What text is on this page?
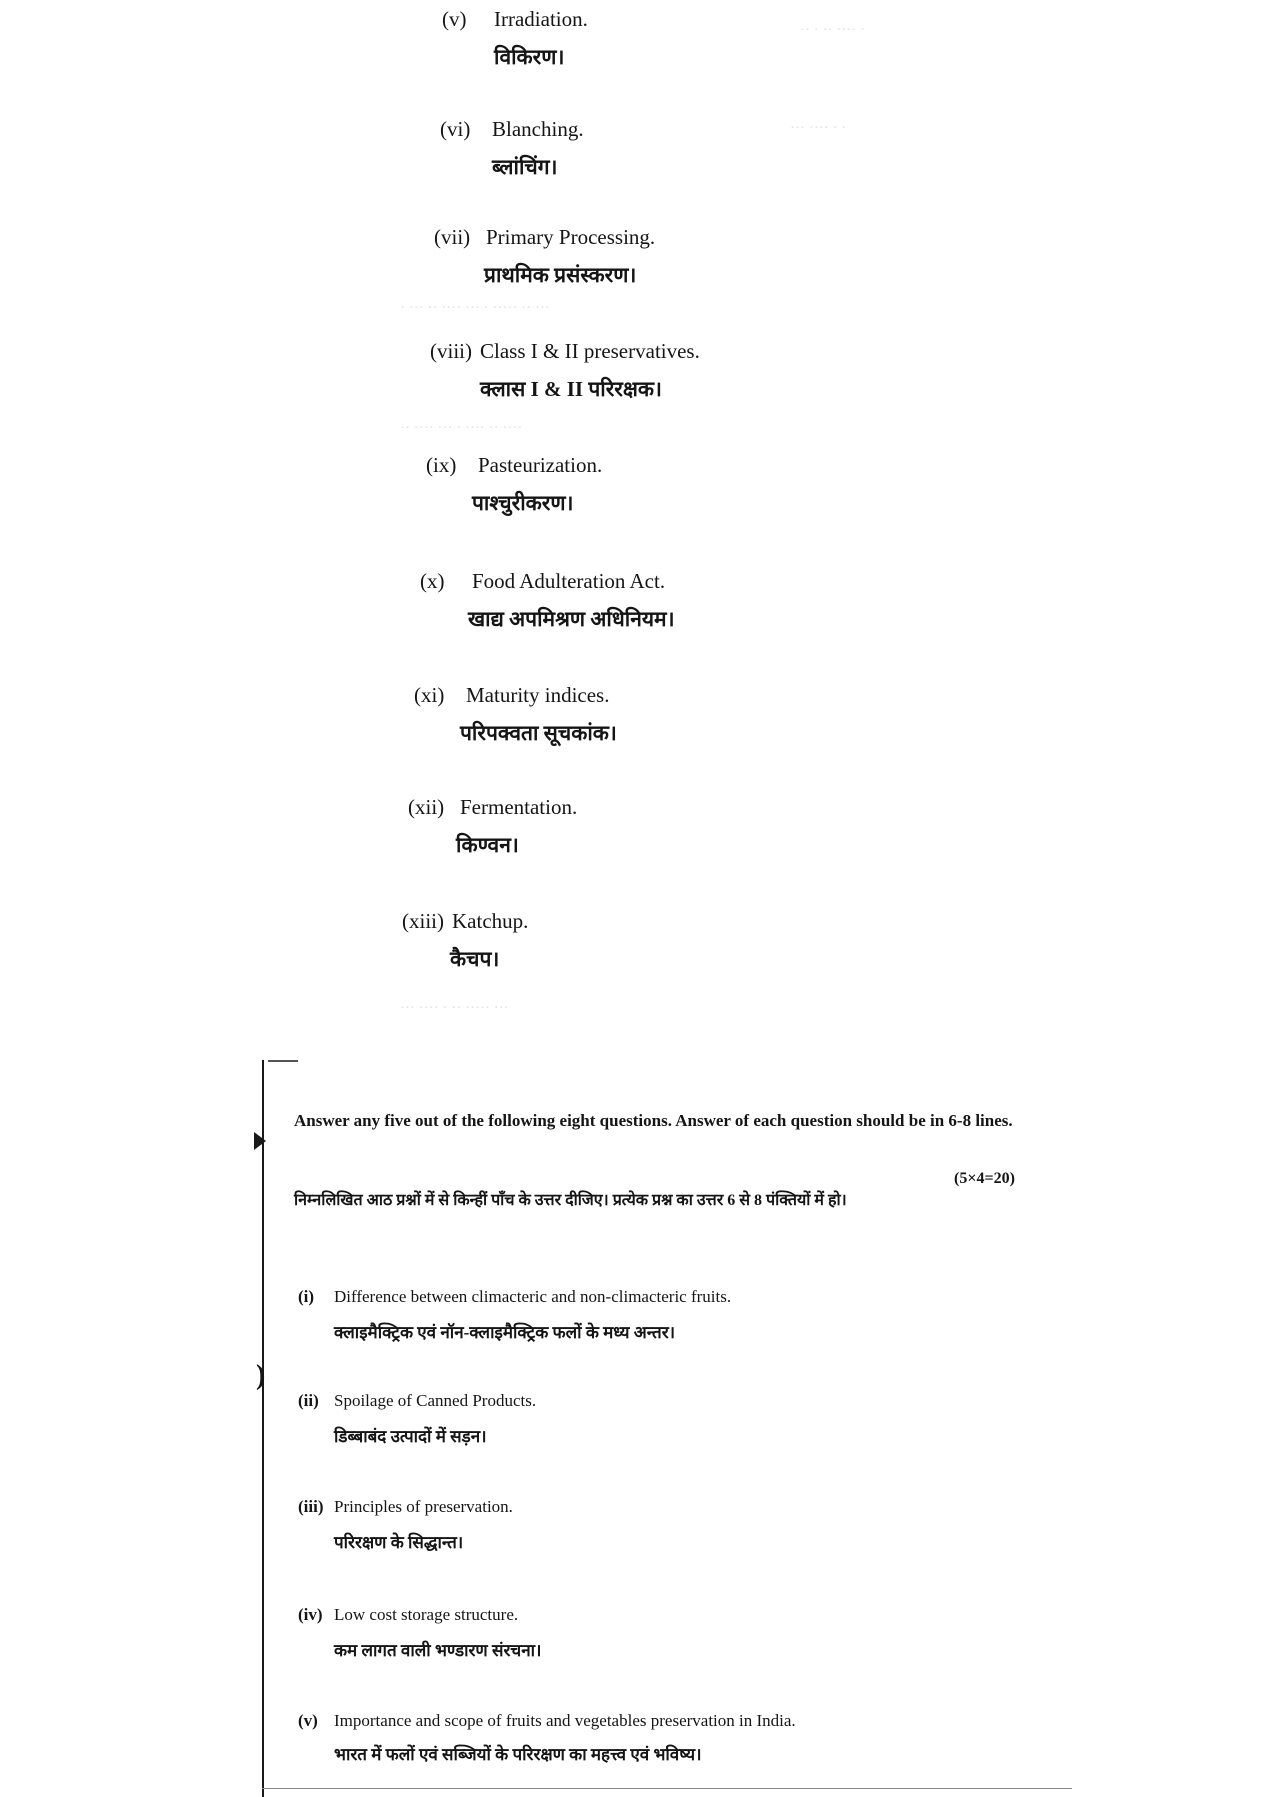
·· · ·· ···· ·
··· ···· · ·
· ··· ·· ···· ··· · ····· ·· ···
·· ···· ··· · ···· ·· ····
··· ···· · ·· ····· ···
(v) Irradiation.
विकिरण।
(vi) Blanching.
ब्लांचिंग।
(vii) Primary Processing.
प्राथमिक प्रसंस्करण।
(viii) Class I & II preservatives.
क्लास I & II परिरक्षक।
(ix) Pasteurization.
पाश्चुरीकरण।
(x) Food Adulteration Act.
खाद्य अपमिश्रण अधिनियम।
(xi) Maturity indices.
परिपक्वता सूचकांक।
(xii) Fermentation.
किण्वन।
(xiii) Katchup.
कैचप।
Answer any five out of the following eight questions. Answer of each question should be in 6-8 lines.
(5×4=20)
निम्नलिखित आठ प्रश्नों में से किन्हीं पाँच के उत्तर दीजिए। प्रत्येक प्रश्न का उत्तर 6 से 8 पंक्तियों में हो।
(i) Difference between climacteric and non-climacteric fruits.
क्लाइमैक्ट्रिक एवं नॉन-क्लाइमैक्ट्रिक फलों के मध्य अन्तर।
)
(ii) Spoilage of Canned Products.
डिब्बाबंद उत्पादों में सड़न।
(iii) Principles of preservation.
परिरक्षण के सिद्धान्त।
(iv) Low cost storage structure.
कम लागत वाली भण्डारण संरचना।
(v) Importance and scope of fruits and vegetables preservation in India.
भारत में फलों एवं सब्जियों के परिरक्षण का महत्त्व एवं भविष्य।
